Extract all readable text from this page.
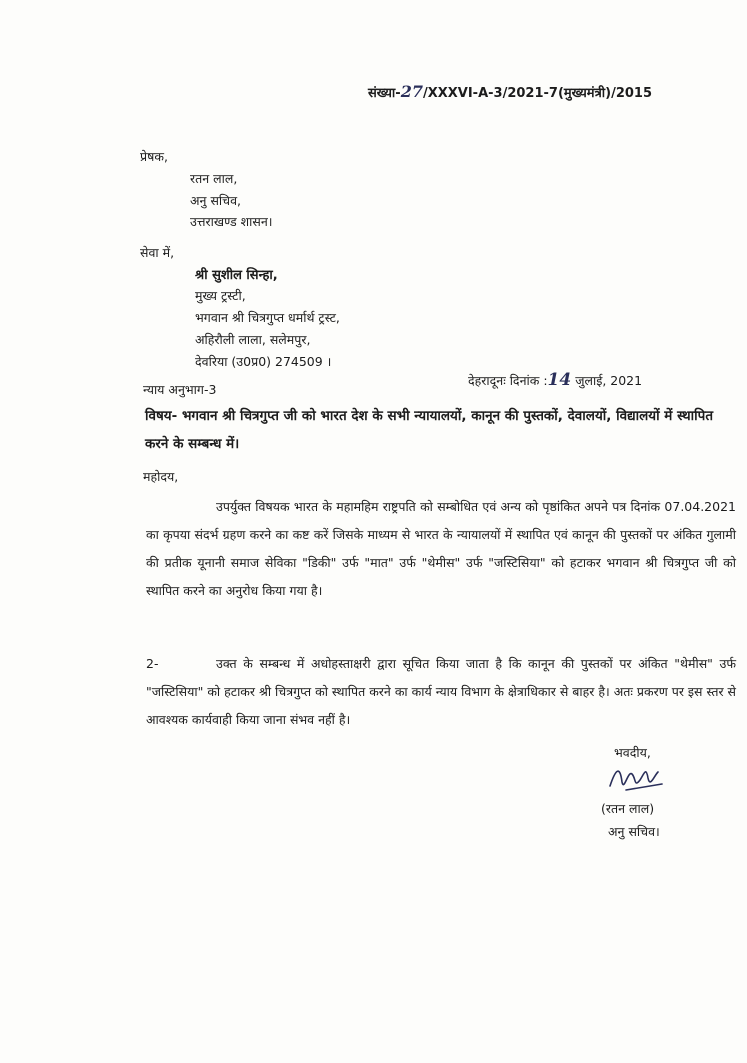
संख्या-27/XXXVI-A-3/2021-7(मुख्यमंत्री)/2015
प्रेषक,
रतन लाल,
अनु सचिव,
उत्तराखण्ड शासन।
सेवा में,
श्री सुशील सिन्हा,
मुख्य ट्रस्टी,
भगवान श्री चित्रगुप्त धर्मार्थ ट्रस्ट,
अहिरौली लाला, सलेमपुर,
देवरिया (उ0प्र0) 274509 ।
न्याय अनुभाग-3
देहरादूनः दिनांक :14 जुलाई, 2021
विषय- भगवान श्री चित्रगुप्त जी को भारत देश के सभी न्यायालयों, कानून की पुस्तकों, देवालयों, विद्यालयों में स्थापित करने के सम्बन्ध में।
महोदय,
उपर्युक्त विषयक भारत के महामहिम राष्ट्रपति को सम्बोधित एवं अन्य को पृष्ठांकित अपने पत्र दिनांक 07.04.2021 का कृपया संदर्भ ग्रहण करने का कष्ट करें जिसके माध्यम से भारत के न्यायालयों में स्थापित एवं कानून की पुस्तकों पर अंकित गुलामी की प्रतीक यूनानी समाज सेविका "डिकी" उर्फ "मात" उर्फ "थेमीस" उर्फ "जस्टिसिया" को हटाकर भगवान श्री चित्रगुप्त जी को स्थापित करने का अनुरोध किया गया है।
2-	उक्त के सम्बन्ध में अधोहस्ताक्षरी द्वारा सूचित किया जाता है कि कानून की पुस्तकों पर अंकित "थेमीस" उर्फ "जस्टिसिया" को हटाकर श्री चित्रगुप्त को स्थापित करने का कार्य न्याय विभाग के क्षेत्राधिकार से बाहर है। अतः प्रकरण पर इस स्तर से आवश्यक कार्यवाही किया जाना संभव नहीं है।
भवदीय,
(रतन लाल)
अनु सचिव।
